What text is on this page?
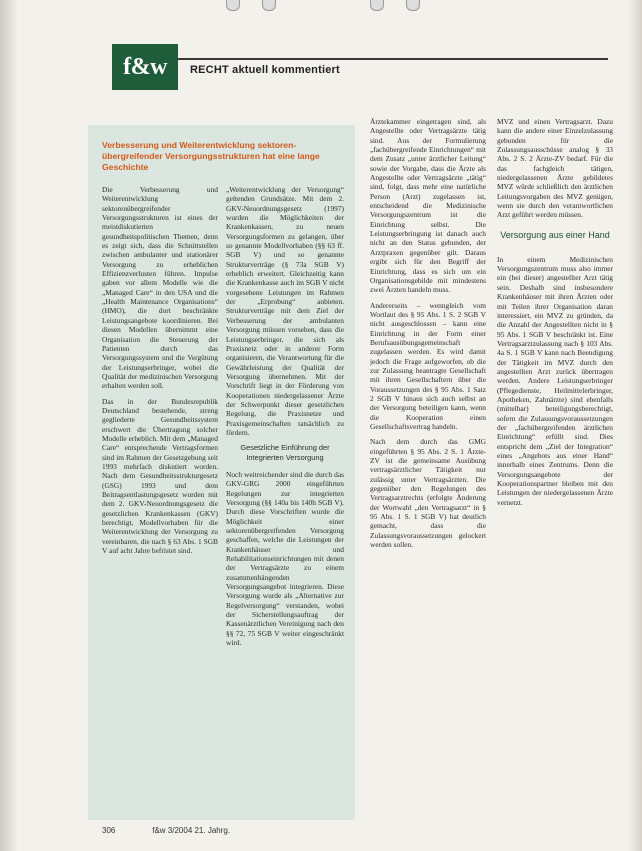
f&w RECHT aktuell kommentiert
Verbesserung und Weiterentwicklung sektoren-übergreifender Versorgungsstrukturen hat eine lange Geschichte

Die Verbesserung und Weiterentwicklung sektorenübergreifender Versorgungsstrukturen ist eines der meistdiskutierten gesundheitspolitischen Themen, denn es zeigt sich, dass die Schnittstellen zwischen ambulanter und stationärer Versorgung zu erheblichen Effizienzverlusten führen. Impulse gaben vor allem Modelle wie die „Managed Care“ in den USA und die „Health Maintenance Organisations“ (HMO), die dort beschränkte Leistungsangebote koordinieren. Bei diesen Modellen übernimmt eine Organisation die Steuerung der Patienten durch das Versorgungssystem und die Vergütung der Leistungserbringer, wobei die Qualität der medizinischen Versorgung erhalten werden soll.

Das in der Bundesrepublik Deutschland bestehende, streng gegliederte Gesundheitssystem erschwert die Übertragung solcher Modelle erheblich. Mit dem „Managed Care“ entsprechende Vertragsformen sind im Rahmen der Gesetzgebung seit 1993 mehrfach diskutiert worden. Nach dem Gesundheitsstrukturgesetz (GSG) 1993 und dem Beitragsentlastungsgesetz wurden mit dem 2. GKV-Neuordnungsgesetz die gesetzlichen Krankenkassen (GKV) berechtigt, Modellvorhaben für die Weiterentwicklung der Versorgung zu vereinbaren, die nach § 63 Abs. 1 SGB V auf acht Jahre befristet sind.

„Weiterentwicklung der Versorgung“ geltenden Grundsätze. Mit dem 2. GKV-Neuordnungsgesetz (1997) wurden die Möglichkeiten der Krankenkassen, zu neuen Versorgungsformen zu gelangen, über so genannte Modellvorhaben (§§ 63 ff. SGB V) und so genannte Strukturverträge (§ 73a SGB V) erheblich erweitert. Gleichzeitig kann die Krankenkasse auch im SGB V nicht vorgesehene Leistungen im Rahmen der „Erprobung“ anbieten. Strukturverträge mit dem Ziel der Verbesserung der ambulanten Versorgung müssen vorsehen, dass die Leistungserbringer, die sich als Praxisnetz oder in anderer Form organisieren, die Verantwortung für die Gewährleistung der Qualität der Versorgung übernehmen. Mit der Vorschrift liegt in der Förderung von Kooperationen niedergelassener Ärzte der Schwerpunkt dieser gesetzlichen Regelung, die Praxisnetze und Praxisgemeinschaften tatsächlich zu fördern.

Gesetzliche Einführung der Integrierten Versorgung

Noch weitreichender sind die durch das GKV-GRG 2000 eingeführten Regelungen zur integrierten Versorgung (§§ 140a bis 140h SGB V). Durch diese Vorschriften wurde die Möglichkeit einer sektorenübergreifenden Versorgung geschaffen, welche die Leistungen der Krankenhäuser und Rehabilitationseinrichtungen mit denen der Vertragsärzte zu einem zusammenhängenden Versorgungsangebot integrieren. Diese Versorgung wurde als „Alternative zur Regelversorgung“ verstanden, wobei der Sicherstellungsauftrag der Kassenärztlichen Vereinigung nach den §§ 72, 75 SGB V weiter eingeschränkt wird.

Ärztekammer eingetragen sind, als Angestellte oder Vertragsärzte tätig sind. Aus der Formulierung „fachübergreifende Einrichtungen“ mit dem Zusatz „unter ärztlicher Leitung“ sowie der Vorgabe, dass die Ärzte als Angestellte oder Vertragsärzte „tätig“ sind, folgt, dass mehr eine natürliche Person (Arzt) zugelassen ist, entscheidend die Medizinische Versorgungszentrum ist die Einrichtung selbst. Die Leistungserbringung ist danach auch nicht an den Status gebunden, der Arztpraxen gegenüber gilt. Daraus ergibt sich für den Begriff der Einrichtung, dass es sich um ein Organisationsgebilde mit mindestens zwei Ärzten handeln muss.

Andererseits – wenngleich vom Wortlaut des § 95 Abs. 1 S. 2 SGB V nicht ausgeschlossen – kann eine Einrichtung in der Form einer Berufsausübungsgemeinschaft zugelassen werden. Es wird damit jedoch die Frage aufgeworfen, ob die zur Zulassung beantragte Gesellschaft mit ihren Gesellschaftern über die Voraussetzungen des § 95 Abs. 1 Satz 2 SGB V hinaus sich auch selbst an der Versorgung beteiligen kann, wenn die Kooperation einen Gesellschaftsvertrag handeln.

Nach dem durch das GMG eingeführten § 95 Abs. 2 S. 1 Ärzte-ZV ist die gemeinsame Ausübung vertragsärztlicher Tätigkeit nur zulässig unter Vertragsärzten. Die gegenüber den Regelungen des Vertragsarztrechts (erfolgte Änderung der Wortwahl „den Vertragsarzt“ in § 95 Abs. 1 S. 1 SGB V) hat deutlich gemacht, dass die Zulassungsvoraussetzungen gelockert werden sollen.

MVZ und einen Vertragsarzt. Dazu kann die andere einer Einzelzulassung gebunden für die Zulassungsausschüsse analog § 33 Abs. 2 S. 2 Ärzte-ZV bedarf. Für die das fachgleich tätigen, niedergelassenen Ärzte gebildetes MVZ würde schließlich den ärztlichen Leitungsvorgaben des MVZ genügen, wenn sie durch den verantwortlichen Arzt geführt werden müssen.

Versorgung aus einer Hand

In einem Medizinischen Versorgungszentrum muss also immer ein (bei dieser) angestellter Arzt tätig sein. Deshalb sind insbesondere Krankenhäuser mit ihren Ärzten oder mit Teilen ihrer Organisation daran interessiert, ein MVZ zu gründen, da die Anzahl der Angestellten nicht in § 95 Abs. 1 SGB V beschränkt ist. Eine Vertragsarztzulassung nach § 103 Abs. 4a S. 1 SGB V kann nach Beendigung der Tätigkeit im MVZ durch den angestellten Arzt zurück übertragen werden. Andere Leistungserbringer (Pflegedienste, Heilmittelerbringer, Apotheken, Zahnärzte) sind ebenfalls (mittelbar) beteiligungsberechtigt, sofern die Zulassungsvoraussetzungen der „fachübergreifenden ärztlichen Einrichtung“ erfüllt sind. Dies entspricht dem „Ziel der Integration“ eines „Angebots aus einer Hand“ innerhalb eines Zentrums. Denn die Versorgungsangebote der Kooperationspartner bleiben mit den Leistungen der niedergelassenen Ärzte vernetzt.

306	f&w 3/2004 21. Jahrg.
